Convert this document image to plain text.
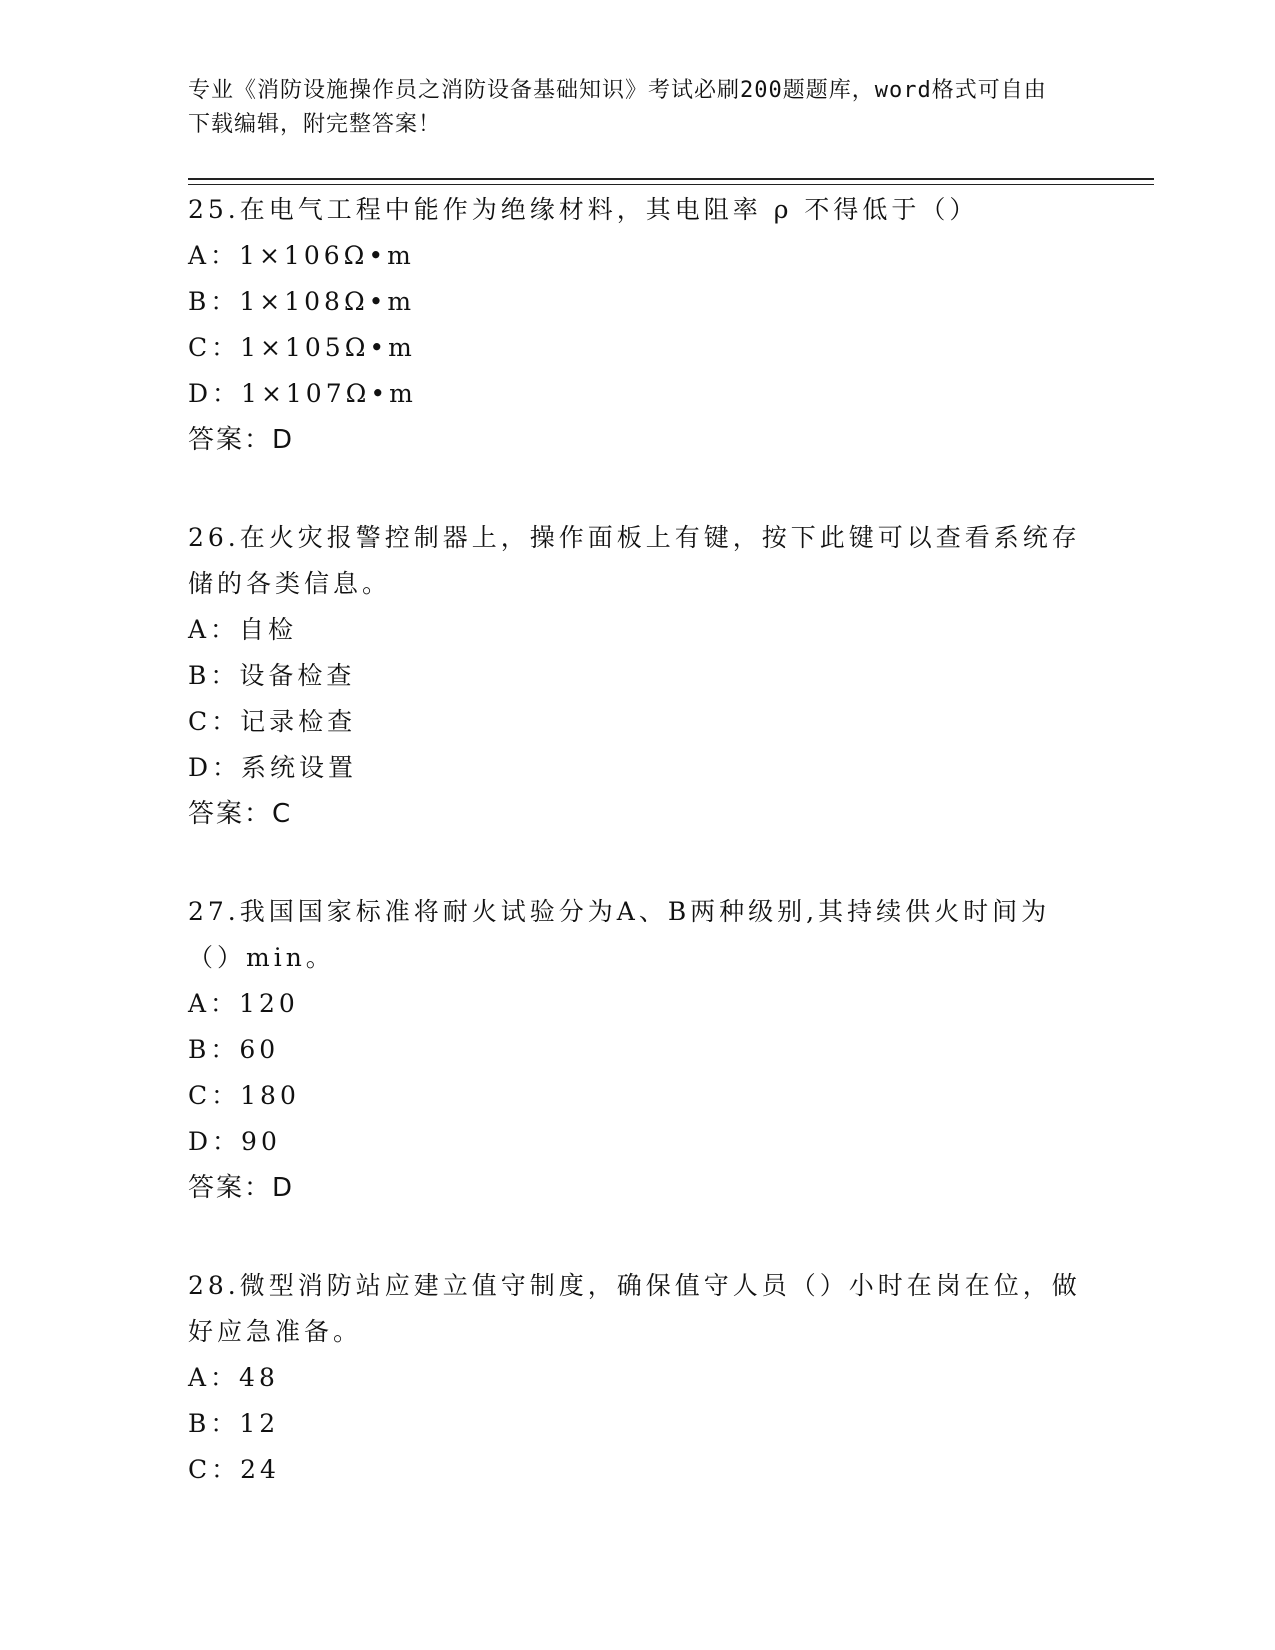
专业《消防设施操作员之消防设备基础知识》考试必刷200题题库，word格式可自由下载编辑，附完整答案！
25.在电气工程中能作为绝缘材料，其电阻率 ρ 不得低于（）
A：1×106Ω•m
B：1×108Ω•m
C：1×105Ω•m
D：1×107Ω•m
答案：D
26.在火灾报警控制器上，操作面板上有键，按下此键可以查看系统存储的各类信息。
A：自检
B：设备检查
C：记录检查
D：系统设置
答案：C
27.我国国家标准将耐火试验分为A、B两种级别,其持续供火时间为（）min。
A：120
B：60
C：180
D：90
答案：D
28.微型消防站应建立值守制度，确保值守人员（）小时在岗在位，做好应急准备。
A：48
B：12
C：24
